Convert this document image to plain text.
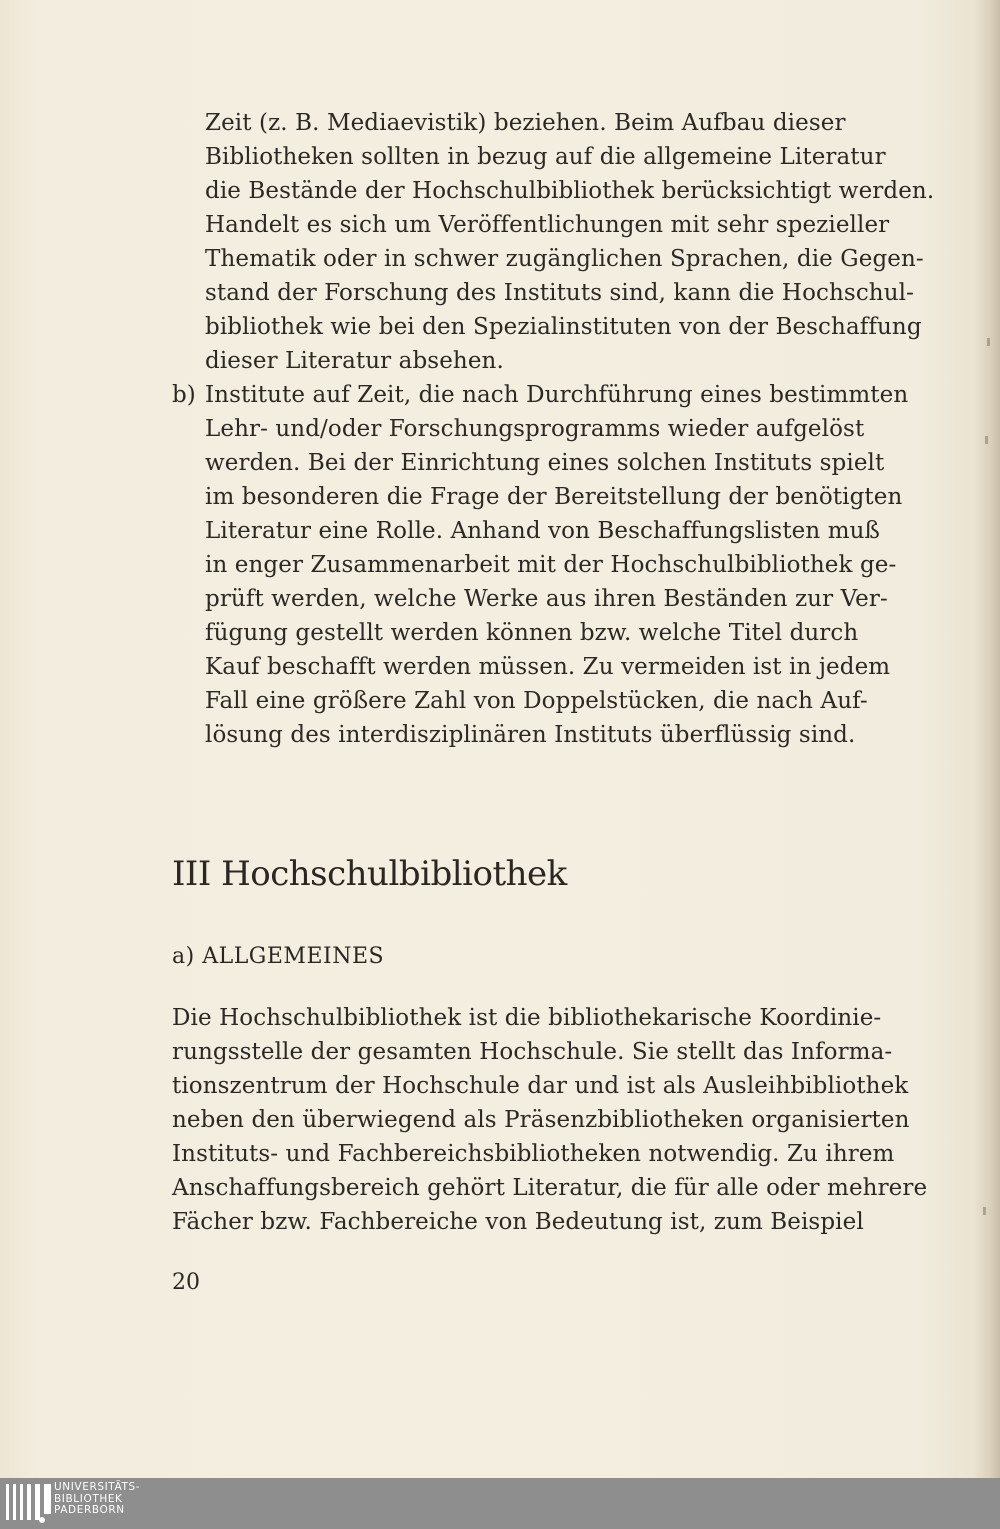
Zeit (z. B. Mediaevistik) beziehen. Beim Aufbau dieser
Bibliotheken sollten in bezug auf die allgemeine Literatur
die Bestände der Hochschulbibliothek berücksichtigt werden.
Handelt es sich um Veröffentlichungen mit sehr spezieller
Thematik oder in schwer zugänglichen Sprachen, die Gegen-
stand der Forschung des Instituts sind, kann die Hochschul-
bibliothek wie bei den Spezialinstituten von der Beschaffung
dieser Literatur absehen.
b) Institute auf Zeit, die nach Durchführung eines bestimmten
Lehr- und/oder Forschungsprogramms wieder aufgelöst
werden. Bei der Einrichtung eines solchen Instituts spielt
im besonderen die Frage der Bereitstellung der benötigten
Literatur eine Rolle. Anhand von Beschaffungslisten muß
in enger Zusammenarbeit mit der Hochschulbibliothek ge-
prüft werden, welche Werke aus ihren Beständen zur Ver-
fügung gestellt werden können bzw. welche Titel durch
Kauf beschafft werden müssen. Zu vermeiden ist in jedem
Fall eine größere Zahl von Doppelstücken, die nach Auf-
lösung des interdisziplinären Instituts überflüssig sind.
III Hochschulbibliothek
a) ALLGEMEINES
Die Hochschulbibliothek ist die bibliothekarische Koordinie-
rungsstelle der gesamten Hochschule. Sie stellt das Informa-
tionszentrum der Hochschule dar und ist als Ausleihbibliothek
neben den überwiegend als Präsenzbibliotheken organisierten
Instituts- und Fachbereichsbibliotheken notwendig. Zu ihrem
Anschaffungsbereich gehört Literatur, die für alle oder mehrere
Fächer bzw. Fachbereiche von Bedeutung ist, zum Beispiel
20
UNIVERSITÄTS-
BIBLIOTHEK
PADERBORN
